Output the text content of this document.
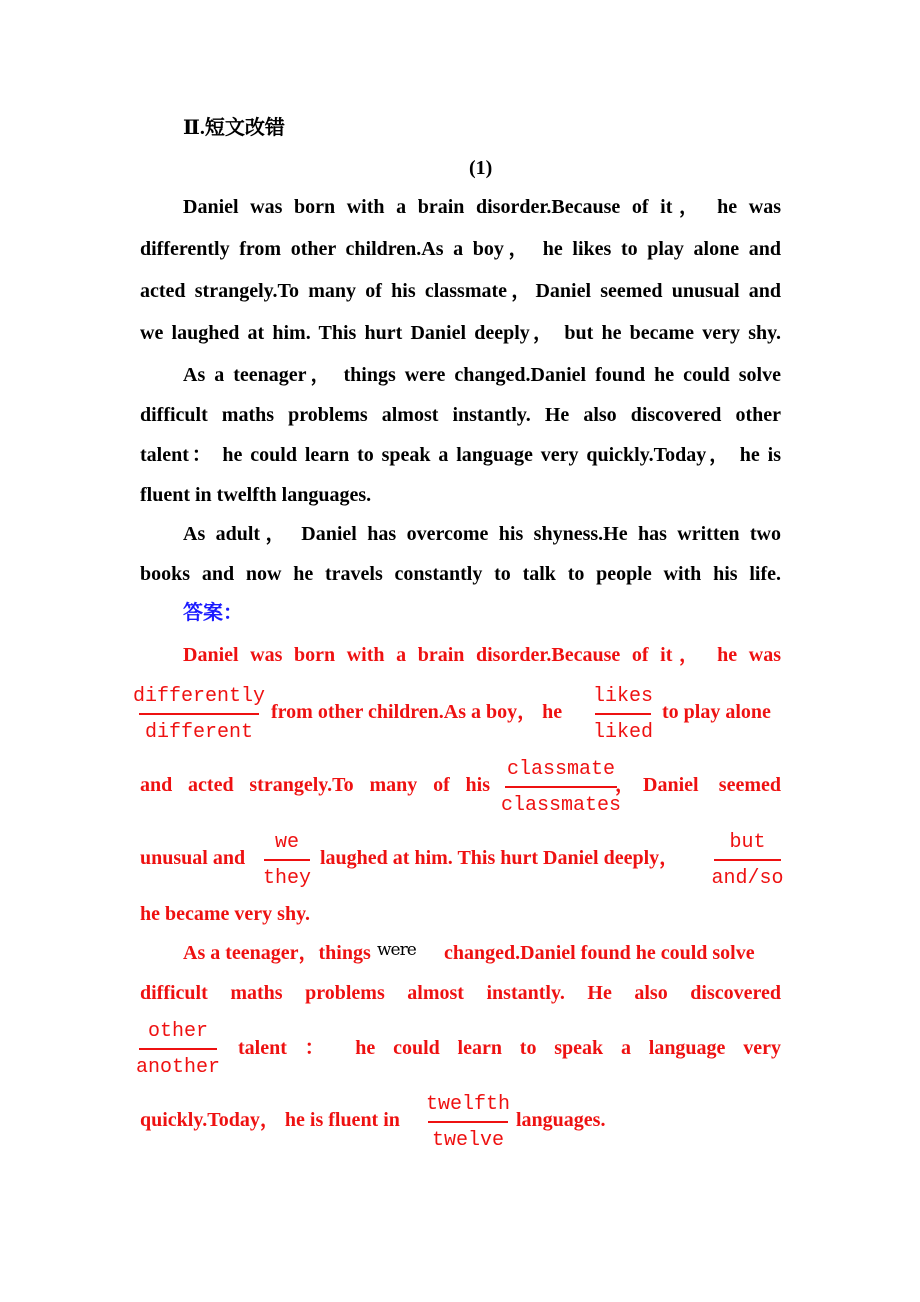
Ⅱ.短文改错
(1)
Daniel was born with a brain disorder.Because of it， he was
differently from other children.As a boy， he likes to play alone and
acted strangely.To many of his classmate，Daniel seemed unusual and
we laughed at him. This hurt Daniel deeply， but he became very shy.
As a teenager， things were changed.Daniel found he could solve
difficult maths problems almost instantly. He also discovered other
talent： he could learn to speak a language very quickly.Today， he is
fluent in twelfth languages.
As adult， Daniel has overcome his shyness.He has written two
books and now he travels constantly to talk to people with his life.
答案：
Daniel was born with a brain disorder.Because of it， he was
differently
different
from other children.As a boy， he
likes
liked
to play alone
and acted strangely.To many of his
classmate
classmates
， Daniel seemed
unusual and
we
they
laughed at him. This hurt Daniel deeply，
but
and/so
he became very shy.
As a teenager，things were changed.Daniel found he could solve
difficult maths problems almost instantly. He also discovered
other
another
talent ： he could learn to speak a language very
quickly.Today， he is fluent in
twelfth
twelve
languages.
